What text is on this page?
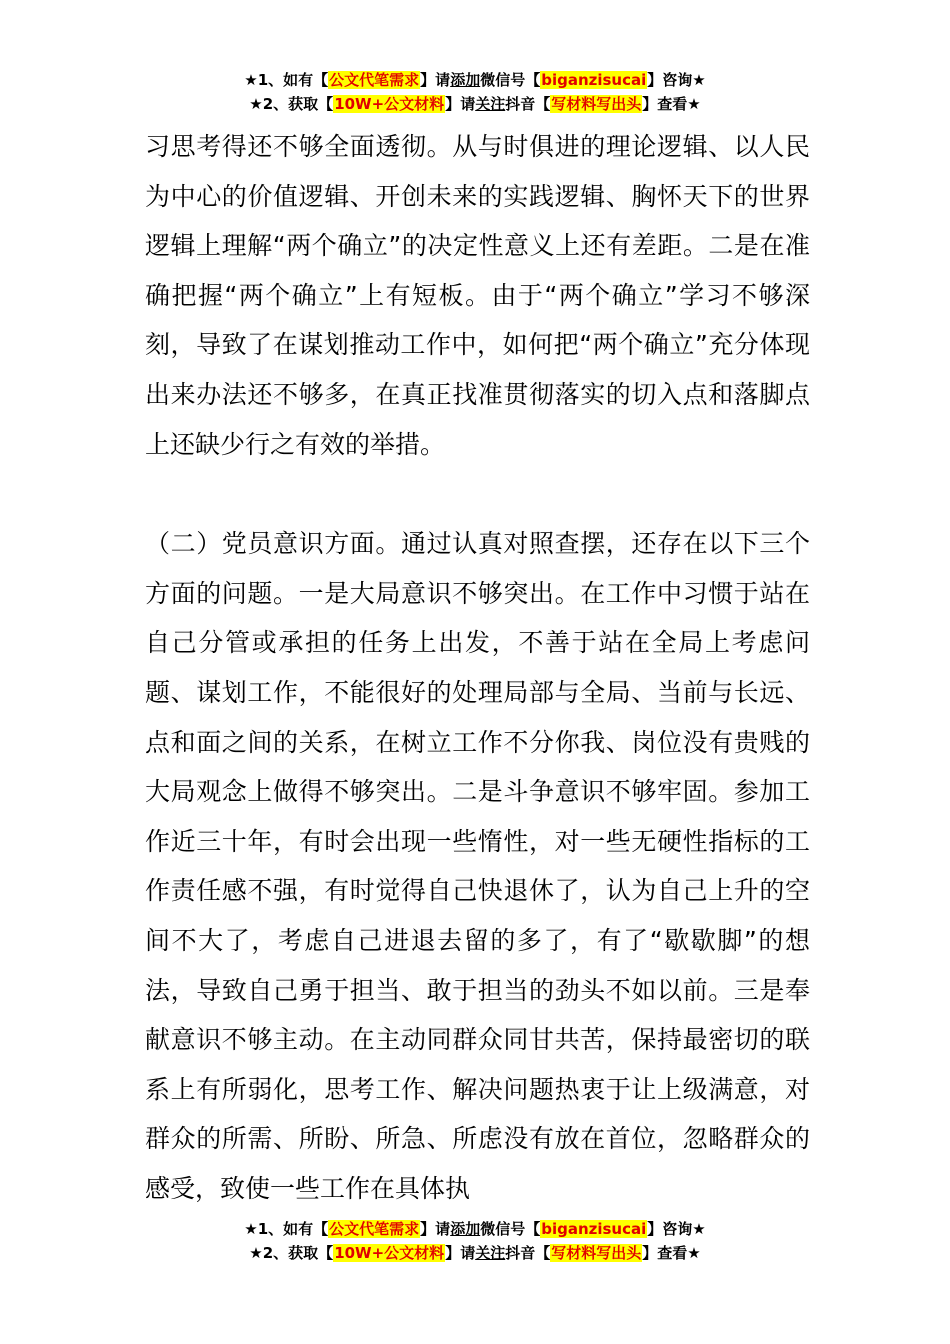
★1、如有【公文代笔需求】请添加微信号【biganzisucai】咨询★
★2、获取【10W+公文材料】请关注抖音【写材料写出头】查看★

习思考得还不够全面透彻。从与时俱进的理论逻辑、以人民为中心的价值逻辑、开创未来的实践逻辑、胸怀天下的世界逻辑上理解“两个确立”的决定性意义上还有差距。二是在准确把握“两个确立”上有短板。由于“两个确立”学习不够深刻，导致了在谋划推动工作中，如何把“两个确立”充分体现出来办法还不够多，在真正找准贯彻落实的切入点和落脚点上还缺少行之有效的举措。

（二）党员意识方面。通过认真对照查摆，还存在以下三个方面的问题。一是大局意识不够突出。在工作中习惯于站在自己分管或承担的任务上出发，不善于站在全局上考虑问题、谋划工作，不能很好的处理局部与全局、当前与长远、点和面之间的关系，在树立工作不分你我、岗位没有贵贱的大局观念上做得不够突出。二是斗争意识不够牢固。参加工作近三十年，有时会出现一些惰性，对一些无硬性指标的工作责任感不强，有时觉得自己快退休了，认为自己上升的空间不大了，考虑自己进退去留的多了，有了“歇歇脚”的想法，导致自己勇于担当、敢于担当的劲头不如以前。三是奉献意识不够主动。在主动同群众同甘共苦，保持最密切的联系上有所弱化，思考工作、解决问题热衷于让上级满意，对群众的所需、所盼、所急、所虑没有放在首位，忽略群众的感受，致使一些工作在具体执

★1、如有【公文代笔需求】请添加微信号【biganzisucai】咨询★
★2、获取【10W+公文材料】请关注抖音【写材料写出头】查看★
